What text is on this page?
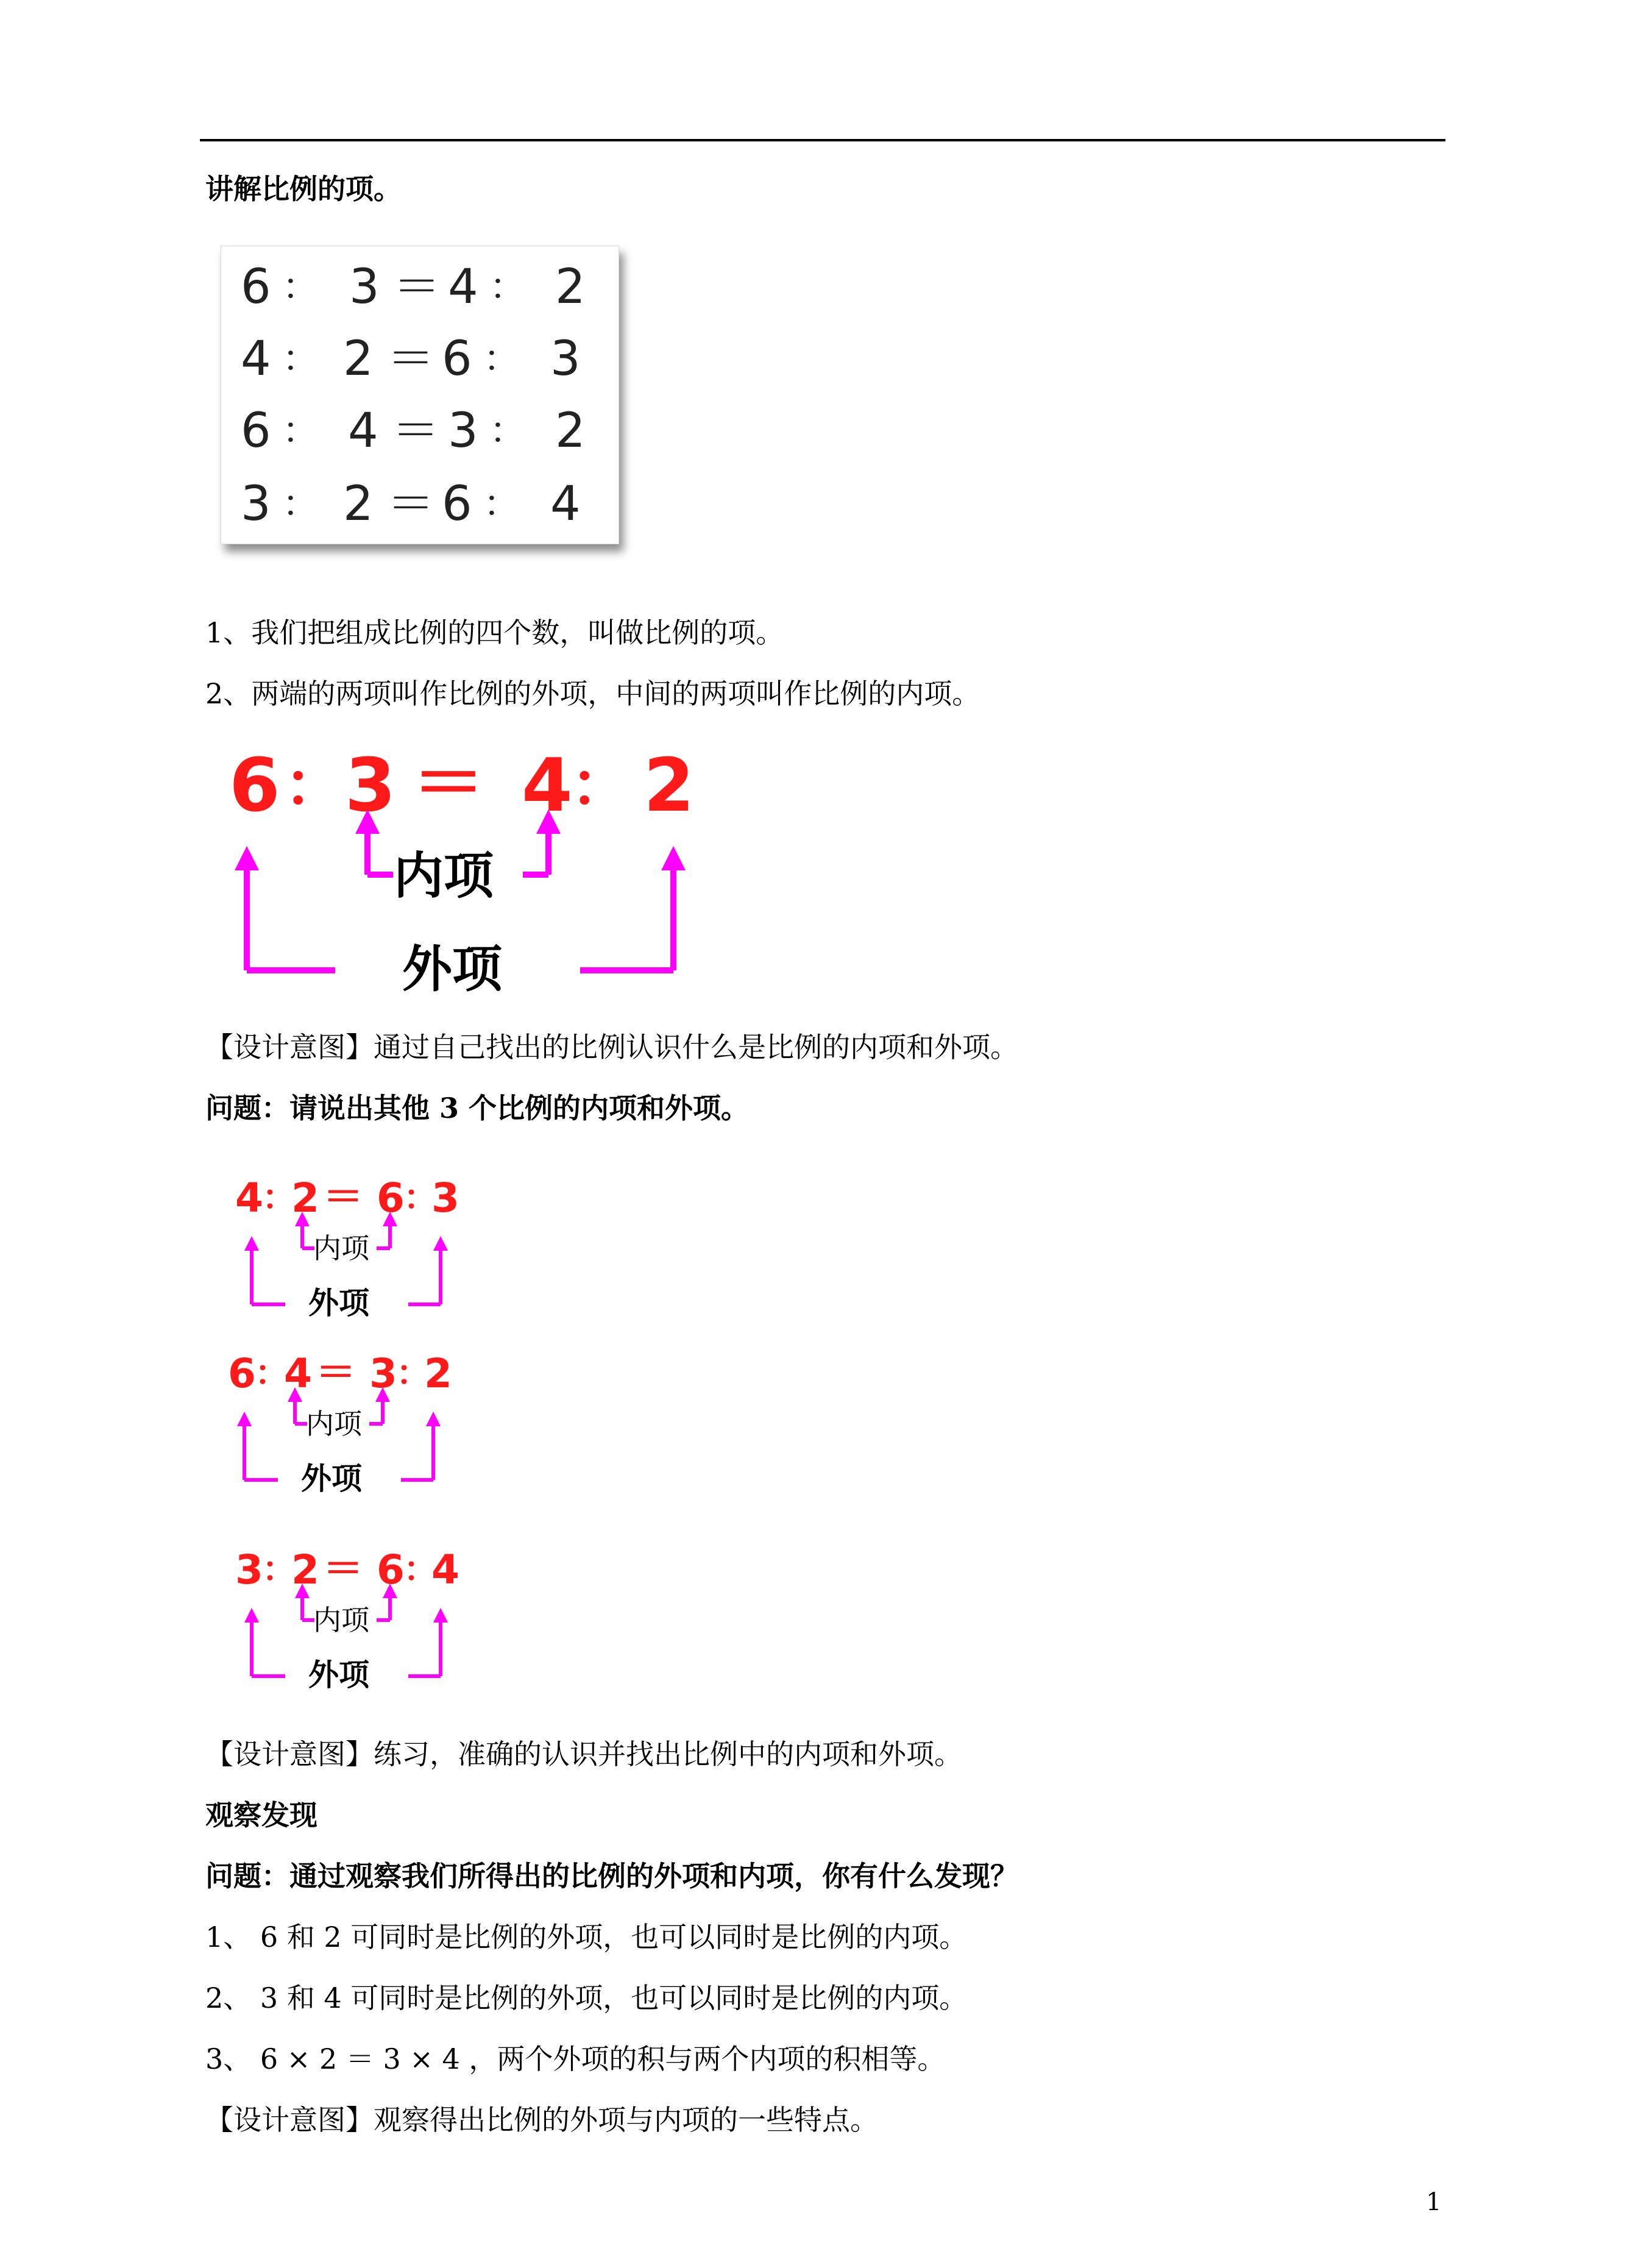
讲解比例的项。
6 ： 3 ＝ 4 ： 2
4 ： 2 ＝ 6 ： 3
6 ： 4 ＝ 3 ： 2
3 ： 2 ＝ 6 ： 4
1、我们把组成比例的四个数，叫做比例的项。
2、两端的两项叫作比例的外项，中间的两项叫作比例的内项。
6 ： 3 ＝ 4
： 2
内项
外项
【设计意图】通过自己找出的比例认识什么是比例的内项和外项。
问题：请说出其他 3 个比例的内项和外项。
4
：
2 ＝ 6
：
3
内项
外项
6
：
4 ＝ 3
：
2
内项
外项
3
：
2 ＝ 6
：
4
内项
外项
【设计意图】练习，准确的认识并找出比例中的内项和外项。
观察发现
问题：通过观察我们所得出的比例的外项和内项，你有什么发现？
1、 6 和 2 可同时是比例的外项，也可以同时是比例的内项。
2、 3 和 4 可同时是比例的外项，也可以同时是比例的内项。
3、 6 × 2 ＝ 3 × 4 ，两个外项的积与两个内项的积相等。
【设计意图】观察得出比例的外项与内项的一些特点。
1
